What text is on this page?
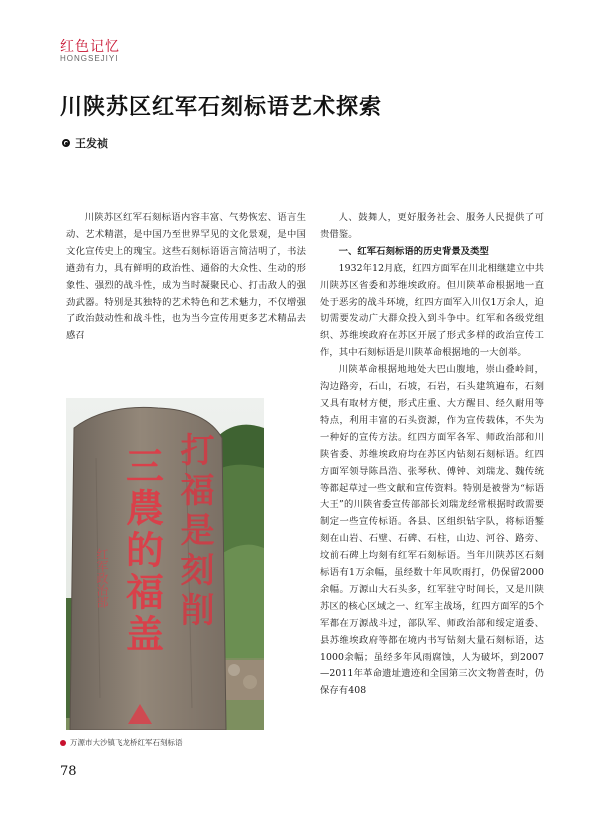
红色记忆
HONGSEJIYI
川陕苏区红军石刻标语艺术探索
王发祯

川陕苏区红军石刻标语内容丰富、气势恢宏、语言生动、艺术精湛，是中国乃至世界罕见的文化景观，是中国文化宣传史上的瑰宝。这些石刻标语语言简洁明了，书法遒劲有力，具有鲜明的政治性、通俗的大众性、生动的形象性、强烈的战斗性，成为当时凝聚民心、打击敌人的强劲武器。特别是其独特的艺术特色和艺术魅力，不仅增强了政治鼓动性和战斗性，也为当今宣传用更多艺术精品去感召

人、鼓舞人，更好服务社会、服务人民提供了可贵借鉴。

一、红军石刻标语的历史背景及类型

1932年12月底，红四方面军在川北相继建立中共川陕苏区省委和苏维埃政府。但川陕革命根据地一直处于恶劣的战斗环境，红四方面军入川仅1万余人，迫切需要发动广大群众投入到斗争中。红军和各级党组织、苏维埃政府在苏区开展了形式多样的政治宣传工作，其中石刻标语是川陕革命根据地的一大创举。

川陕革命根据地地处大巴山腹地，崇山叠岭间，沟边路旁，石山，石坡，石岩，石头建筑遍布，石刻又具有取材方便，形式庄重、大方醒目、经久耐用等特点，利用丰富的石头资源，作为宣传载体，不失为一种好的宣传方法。红四方面军各军、师政治部和川陕省委、苏维埃政府均在苏区内钻刻石刻标语。红四方面军领导陈昌浩、张琴秋、傅钟、刘瑞龙、魏传统等都起草过一些文献和宣传资料。特别是被誉为“标语大王”的川陕省委宣传部部长刘瑞龙经常根据时政需要制定一些宣传标语。各县、区组织钻字队，将标语錾刻在山岩、石壁、石碑、石柱，山边、河谷、路旁、坟前石碑上均刻有红军石刻标语。当年川陕苏区石刻标语有1万余幅，虽经数十年风吹雨打，仍保留2000余幅。万源山大石头多，红军驻守时间长，又是川陕苏区的核心区域之一、红军主战场，红四方面军的5个军都在万源战斗过，部队军、师政治部和绥定道委、县苏维埃政府等都在境内书写钻刻大量石刻标语，达1000余幅；虽经多年风雨腐蚀，人为破坏，到2007—2011年革命遗址遗迹和全国第三次文物普查时，仍保存有408

三農的福盖 打福是刻削
红军政治部
万源市大沙镇飞龙桥红军石刻标语
78
